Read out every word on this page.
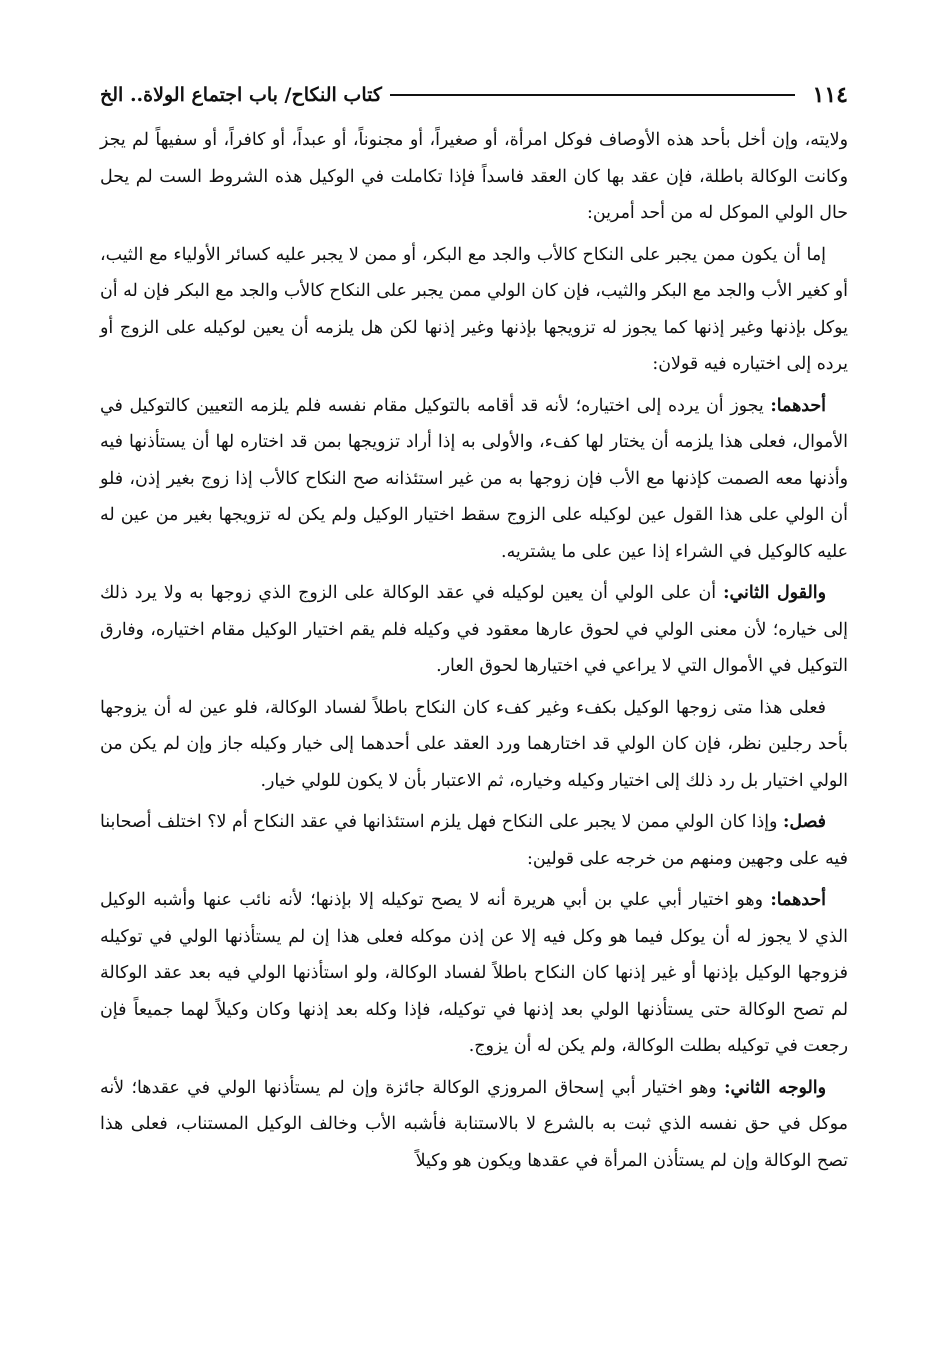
١١٤
كتاب النكاح/ باب اجتماع الولاة.. الخ

ولايته، وإن أخل بأحد هذه الأوصاف فوكل امرأة، أو صغيراً، أو مجنوناً، أو عبداً، أو كافراً، أو سفيهاً لم يجز وكانت الوكالة باطلة، فإن عقد بها كان العقد فاسداً فإذا تكاملت في الوكيل هذه الشروط الست لم يحل حال الولي الموكل له من أحد أمرين:

إما أن يكون ممن يجبر على النكاح كالأب والجد مع البكر، أو ممن لا يجبر عليه كسائر الأولياء مع الثيب، أو كغير الأب والجد مع البكر والثيب، فإن كان الولي ممن يجبر على النكاح كالأب والجد مع البكر فإن له أن يوكل بإذنها وغير إذنها كما يجوز له تزويجها بإذنها وغير إذنها لكن هل يلزمه أن يعين لوكيله على الزوج أو يرده إلى اختياره فيه قولان:

أحدهما: يجوز أن يرده إلى اختياره؛ لأنه قد أقامه بالتوكيل مقام نفسه فلم يلزمه التعيين كالتوكيل في الأموال، فعلى هذا يلزمه أن يختار لها كفء، والأولى به إذا أراد تزويجها بمن قد اختاره لها أن يستأذنها فيه وأذنها معه الصمت كإذنها مع الأب فإن زوجها به من غير استئذانه صح النكاح كالأب إذا زوج بغير إذن، فلو أن الولي على هذا القول عين لوكيله على الزوج سقط اختيار الوكيل ولم يكن له تزويجها بغير من عين له عليه كالوكيل في الشراء إذا عين على ما يشتريه.

والقول الثاني: أن على الولي أن يعين لوكيله في عقد الوكالة على الزوج الذي زوجها به ولا يرد ذلك إلى خياره؛ لأن معنى الولي في لحوق عارها معقود في وكيله فلم يقم اختيار الوكيل مقام اختياره، وفارق التوكيل في الأموال التي لا يراعي في اختيارها لحوق العار.

فعلى هذا متى زوجها الوكيل بكفء وغير كفء كان النكاح باطلاً لفساد الوكالة، فلو عين له أن يزوجها بأحد رجلين نظر، فإن كان الولي قد اختارهما ورد العقد على أحدهما إلى خيار وكيله جاز وإن لم يكن من الولي اختيار بل رد ذلك إلى اختيار وكيله وخياره، ثم الاعتبار بأن لا يكون للولي خيار.

فصل: وإذا كان الولي ممن لا يجبر على النكاح فهل يلزم استئذانها في عقد النكاح أم لا؟ اختلف أصحابنا فيه على وجهين ومنهم من خرجه على قولين:

أحدهما: وهو اختيار أبي علي بن أبي هريرة أنه لا يصح توكيله إلا بإذنها؛ لأنه نائب عنها وأشبه الوكيل الذي لا يجوز له أن يوكل فيما هو وكل فيه إلا عن إذن موكله فعلى هذا إن لم يستأذنها الولي في توكيله فزوجها الوكيل بإذنها أو غير إذنها كان النكاح باطلاً لفساد الوكالة، ولو استأذنها الولي فيه بعد عقد الوكالة لم تصح الوكالة حتى يستأذنها الولي بعد إذنها في توكيله، فإذا وكله بعد إذنها وكان وكيلاً لهما جميعاً فإن رجعت في توكيله بطلت الوكالة، ولم يكن له أن يزوج.

والوجه الثاني: وهو اختيار أبي إسحاق المروزي الوكالة جائزة وإن لم يستأذنها الولي في عقدها؛ لأنه موكل في حق نفسه الذي ثبت به بالشرع لا بالاستنابة فأشبه الأب وخالف الوكيل المستناب، فعلى هذا تصح الوكالة وإن لم يستأذن المرأة في عقدها ويكون هو وكيلاً
